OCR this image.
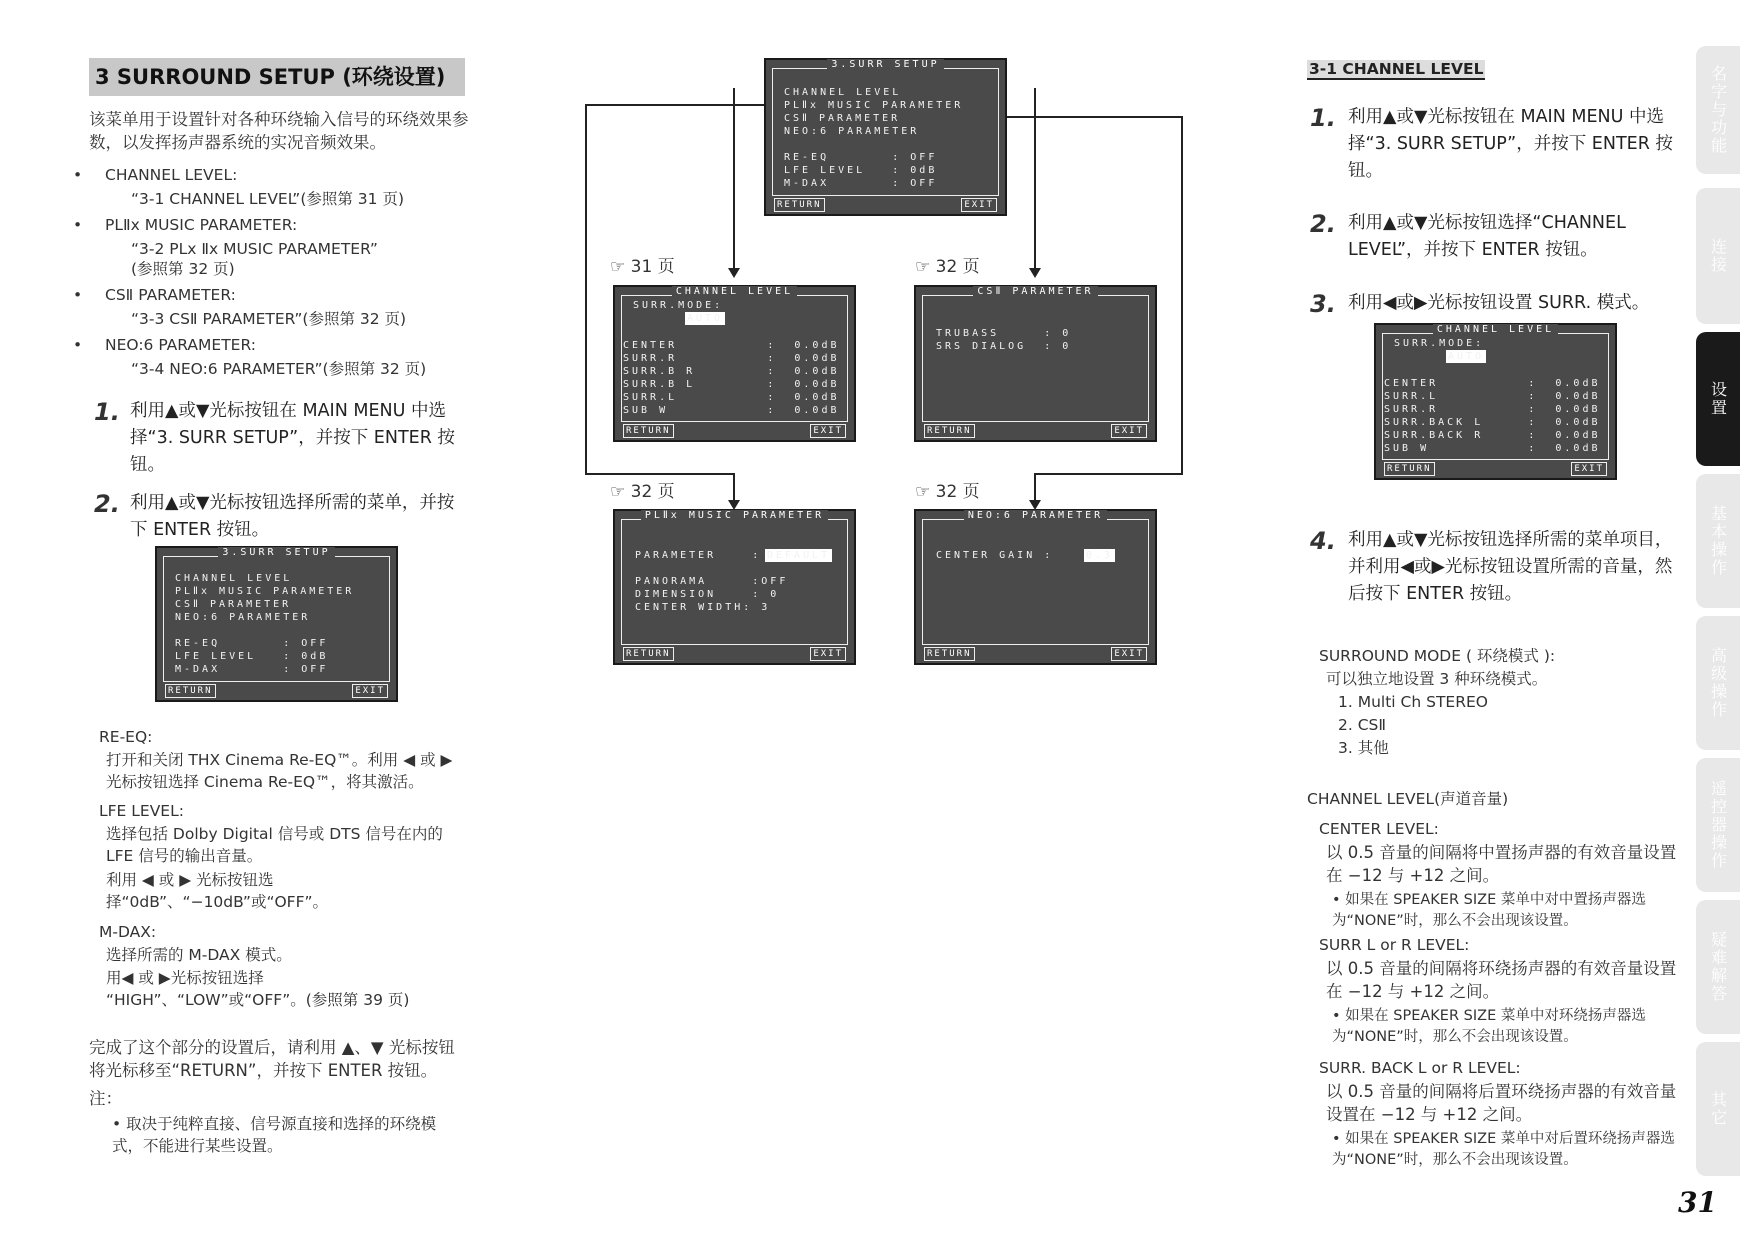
3 SURROUND SETUP (环绕设置)
该菜单用于设置针对各种环绕输入信号的环绕效果参数，以发挥扬声器系统的实况音频效果。
• CHANNEL LEVEL:
“3-1 CHANNEL LEVEL”(参照第 31 页)
• PLⅡx MUSIC PARAMETER:
“3-2 PLx Ⅱx MUSIC PARAMETER”
(参照第 32 页)
• CSⅡ PARAMETER:
“3-3 CSⅡ PARAMETER”(参照第 32 页)
• NEO:6 PARAMETER:
“3-4 NEO:6 PARAMETER”(参照第 32 页)
1. 利用▲或▼光标按钮在 MAIN MENU 中选择“3. SURR SETUP”，并按下 ENTER 按钮。
2. 利用▲或▼光标按钮选择所需的菜单，并按下 ENTER 按钮。
3.SURR SETUP
CHANNEL LEVEL
PLⅡx MUSIC PARAMETER
CSⅡ PARAMETER
NEO:6 PARAMETER

RE-EQ       : OFF
LFE LEVEL   : 0dB
M-DAX       : OFF
RETURN	EXIT
RE-EQ:
打开和关闭 THX Cinema Re-EQ™。利用 ◀ 或 ▶ 光标按钮选择 Cinema Re-EQ™，将其激活。
LFE LEVEL:
选择包括 Dolby Digital 信号或 DTS 信号在内的 LFE 信号的输出音量。
利用 ◀ 或 ▶ 光标按钮选择“0dB”、“−10dB”或“OFF”。
M-DAX:
选择所需的 M-DAX 模式。
用◀ 或 ▶光标按钮选择 “HIGH”、“LOW”或“OFF”。(参照第 39 页)
完成了这个部分的设置后，请利用 ▲、▼ 光标按钮将光标移至“RETURN”，并按下 ENTER 按钮。
注：
• 取决于纯粹直接、信号源直接和选择的环绕模式，不能进行某些设置。
3.SURR SETUP
CHANNEL LEVEL
PLⅡx MUSIC PARAMETER
CSⅡ PARAMETER
NEO:6 PARAMETER

RE-EQ       : OFF
LFE LEVEL   : 0dB
M-DAX       : OFF
RETURN	EXIT
☞ 31 页	☞ 32 页
CHANNEL LEVEL
SURR.MODE:
AUTO
CENTER          :  0.0dB
SURR.R          :  0.0dB
SURR.B R        :  0.0dB
SURR.B L        :  0.0dB
SURR.L          :  0.0dB
SUB W           :  0.0dB
RETURN	EXIT
CSⅡ PARAMETER
TRUBASS     : 0
SRS DIALOG  : 0
RETURN	EXIT
☞ 32 页	☞ 32 页
PLⅡx MUSIC PARAMETER
PARAMETER    : DEFAULT
PANORAMA     :OFF
DIMENSION    : 0
CENTER WIDTH: 3
RETURN	EXIT
NEO:6 PARAMETER
CENTER GAIN :	0.3
RETURN	EXIT
3-1 CHANNEL LEVEL
1. 利用▲或▼光标按钮在 MAIN MENU 中选择“3. SURR SETUP”，并按下 ENTER 按钮。
2. 利用▲或▼光标按钮选择“CHANNEL LEVEL”，并按下 ENTER 按钮。
3. 利用◀或▶光标按钮设置 SURR. 模式。
CHANNEL LEVEL
SURR.MODE:
AUTO
CENTER          :  0.0dB
SURR.L          :  0.0dB
SURR.R          :  0.0dB
SURR.BACK L     :  0.0dB
SURR.BACK R     :  0.0dB
SUB W           :  0.0dB
RETURN	EXIT
4. 利用▲或▼光标按钮选择所需的菜单项目，并利用◀或▶光标按钮设置所需的音量，然后按下 ENTER 按钮。
SURROUND MODE ( 环绕模式 ):
可以独立地设置 3 种环绕模式。
1. Multi Ch STEREO
2. CSⅡ
3. 其他
CHANNEL LEVEL(声道音量)
CENTER LEVEL:
以 0.5 音量的间隔将中置扬声器的有效音量设置在 −12 与 +12 之间。
• 如果在 SPEAKER SIZE 菜单中对中置扬声器选为“NONE”时，那么不会出现该设置。
SURR L or R LEVEL:
以 0.5 音量的间隔将环绕扬声器的有效音量设置在 −12 与 +12 之间。
• 如果在 SPEAKER SIZE 菜单中对环绕扬声器选为“NONE”时，那么不会出现该设置。
SURR. BACK L or R LEVEL:
以 0.5 音量的间隔将后置环绕扬声器的有效音量设置在 −12 与 +12 之间。
• 如果在 SPEAKER SIZE 菜单中对后置环绕扬声器选为“NONE”时，那么不会出现该设置。
名字与功能
连接
设置
基本操作
高级操作
遥控器操作
疑难解答
其它
31
